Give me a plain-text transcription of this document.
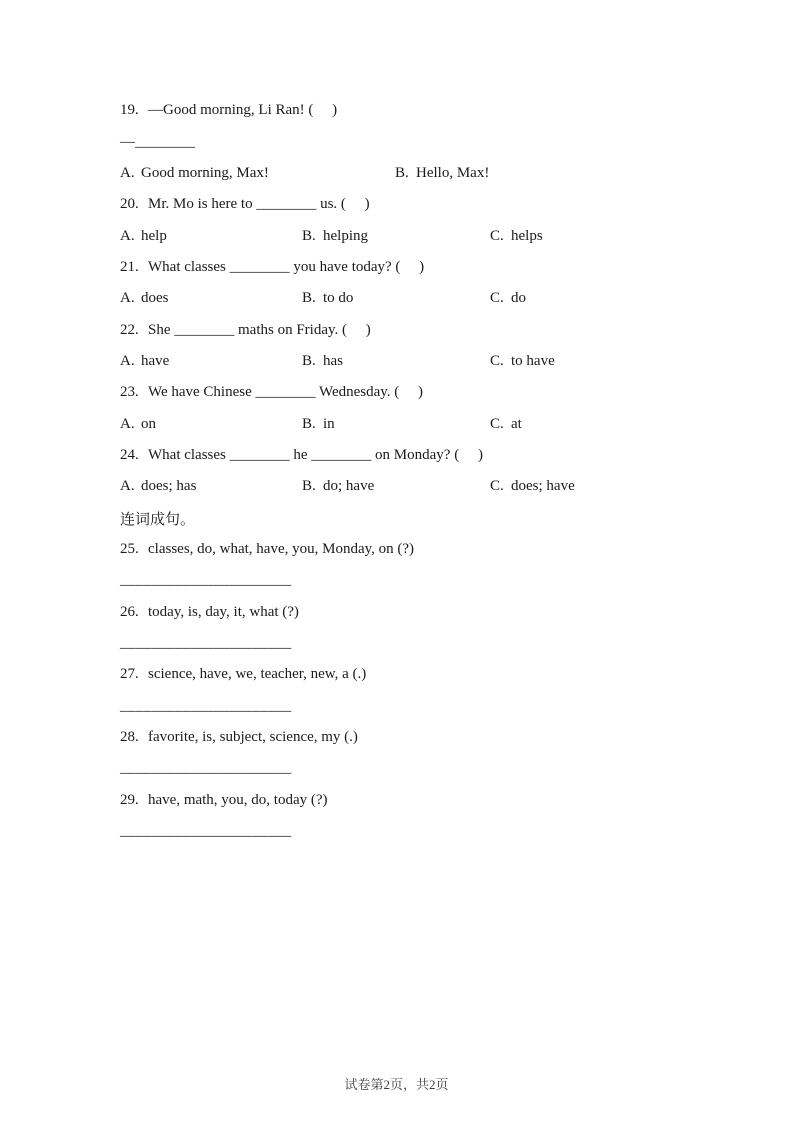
19. —Good morning, Li Ran! (     )
—________
A. Good morning, Max!	B. Hello, Max!
20. Mr. Mo is here to ________ us. (     )
A. help	B. helping	C. helps
21. What classes ________ you have today? (     )
A. does	B. to do	C. do
22. She ________ maths on Friday. (     )
A. have	B. has	C. to have
23. We have Chinese ________ Wednesday. (     )
A. on	B. in	C. at
24. What classes ________ he ________ on Monday? (     )
A. does; has	B. do; have	C. does; have
连词成句。
25. classes, do, what, have, you, Monday, on (?)
______________________
26. today, is, day, it, what (?)
______________________
27. science, have, we, teacher, new, a (.)
______________________
28. favorite, is, subject, science, my (.)
______________________
29. have, math, you, do, today (?)
______________________
试卷第2页，共2页
